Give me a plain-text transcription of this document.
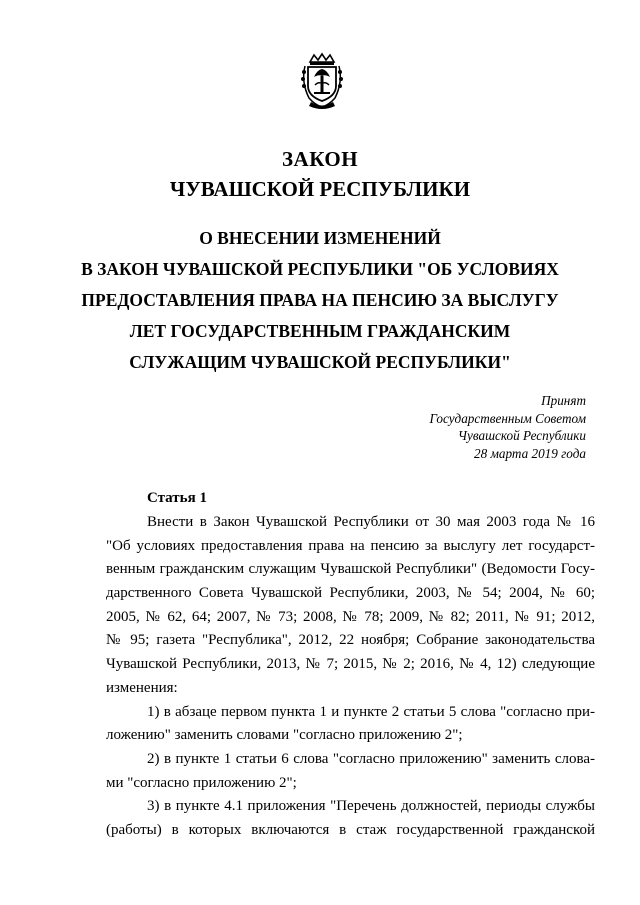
ЗАКОН
ЧУВАШСКОЙ РЕСПУБЛИКИ
О ВНЕСЕНИИ ИЗМЕНЕНИЙ
В ЗАКОН ЧУВАШСКОЙ РЕСПУБЛИКИ "ОБ УСЛОВИЯХ
ПРЕДОСТАВЛЕНИЯ ПРАВА НА ПЕНСИЮ ЗА ВЫСЛУГУ
ЛЕТ ГОСУДАРСТВЕННЫМ ГРАЖДАНСКИМ
СЛУЖАЩИМ ЧУВАШСКОЙ РЕСПУБЛИКИ"
Принят
Государственным Советом
Чувашской Республики
28 марта 2019 года
Статья 1
Внести в Закон Чувашской Республики от 30 мая 2003 года № 16
"Об условиях предоставления права на пенсию за выслугу лет государст-
венным гражданским служащим Чувашской Республики" (Ведомости Госу-
дарственного Совета Чувашской Республики, 2003, № 54; 2004, № 60;
2005, № 62, 64; 2007, № 73; 2008, № 78; 2009, № 82; 2011, № 91; 2012,
№ 95; газета "Республика", 2012, 22 ноября; Собрание законодательства
Чувашской Республики, 2013, № 7; 2015, № 2; 2016, № 4, 12) следующие
изменения:
1) в абзаце первом пункта 1 и пункте 2 статьи 5 слова "согласно при-
ложению" заменить словами "согласно приложению 2";
2) в пункте 1 статьи 6 слова "согласно приложению" заменить слова-
ми "согласно приложению 2";
3) в пункте 4.1 приложения "Перечень должностей, периоды службы
(работы) в которых включаются в стаж государственной гражданской
